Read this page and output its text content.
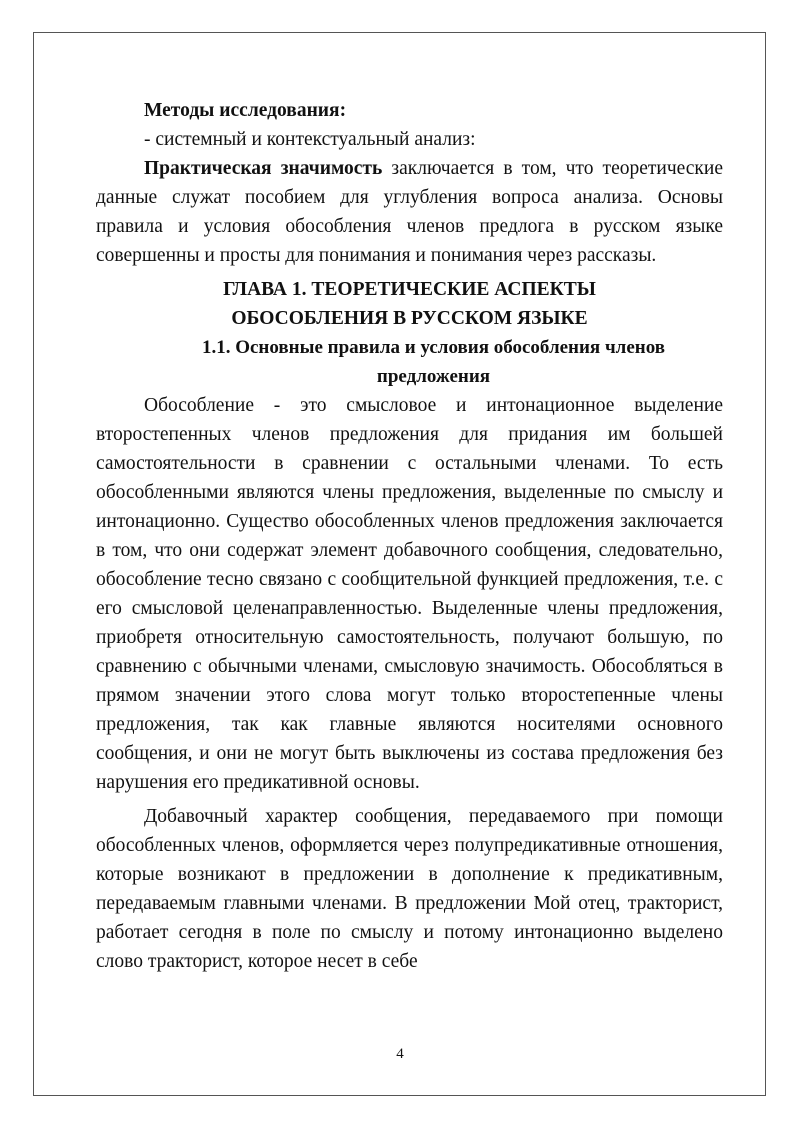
Методы исследования:

- системный и контекстуальный анализ:

Практическая значимость заключается в том, что теоретические данные служат пособием для углубления вопроса анализа. Основы правила и условия обособления членов предлога в русском языке совершенны и просты для понимания и понимания через рассказы.

ГЛАВА 1. ТЕОРЕТИЧЕСКИЕ АСПЕКТЫ
ОБОСОБЛЕНИЯ В РУССКОМ ЯЗЫКЕ
1.1. Основные правила и условия обособления членов
предложения

Обособление - это смысловое и интонационное выделение второстепенных членов предложения для придания им большей самостоятельности в сравнении с остальными членами. То есть обособленными являются члены предложения, выделенные по смыслу и интонационно. Существо обособленных членов предложения заключается в том, что они содержат элемент добавочного сообщения, следовательно, обособление тесно связано с сообщительной функцией предложения, т.е. с его смысловой целенаправленностью. Выделенные члены предложения, приобретя относительную самостоятельность, получают большую, по сравнению с обычными членами, смысловую значимость. Обособляться в прямом значении этого слова могут только второстепенные члены предложения, так как главные являются носителями основного сообщения, и они не могут быть выключены из состава предложения без нарушения его предикативной основы.

Добавочный характер сообщения, передаваемого при помощи обособленных членов, оформляется через полупредикативные отношения, которые возникают в предложении в дополнение к предикативным, передаваемым главными членами. В предложении Мой отец, тракторист, работает сегодня в поле по смыслу и потому интонационно выделено слово тракторист, которое несет в себе

4
